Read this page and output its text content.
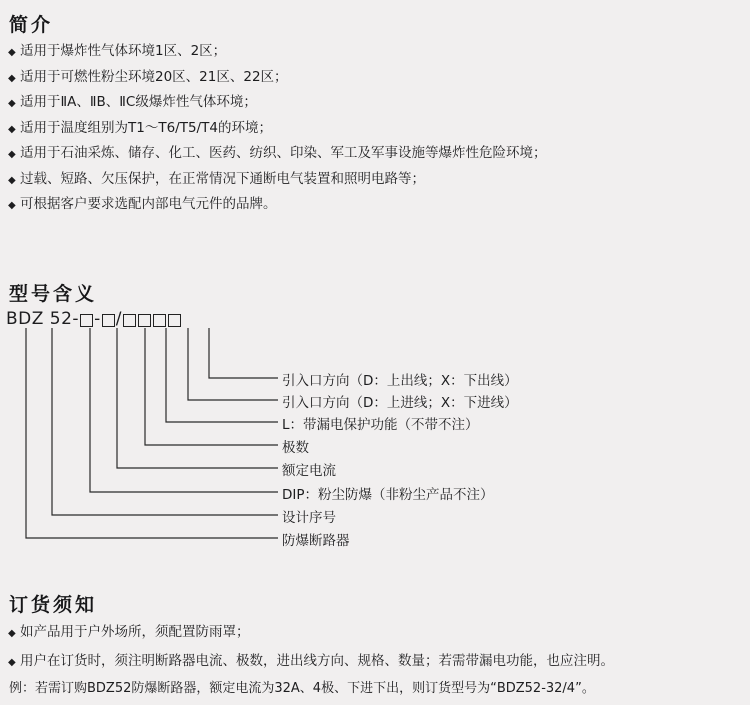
简介
◆ 适用于爆炸性气体环境1区、2区；
◆ 适用于可燃性粉尘环境20区、21区、22区；
◆ 适用于ⅡA、ⅡB、ⅡC级爆炸性气体环境；
◆ 适用于温度组别为T1～T6/T5/T4的环境；
◆ 适用于石油采炼、储存、化工、医药、纺织、印染、军工及军事设施等爆炸性危险环境；
◆ 过载、短路、欠压保护，在正常情况下通断电气装置和照明电路等；
◆ 可根据客户要求选配内部电气元件的品牌。
型号含义
BDZ 52- - /
引入口方向（D：上出线；X：下出线）
引入口方向（D：上进线；X：下进线）
L：带漏电保护功能（不带不注）
极数
额定电流
DIP：粉尘防爆（非粉尘产品不注）
设计序号
防爆断路器
订货须知
◆ 如产品用于户外场所，须配置防雨罩；
◆ 用户在订货时，须注明断路器电流、极数，进出线方向、规格、数量；若需带漏电功能，也应注明。
例：若需订购BDZ52防爆断路器，额定电流为32A、4极、下进下出，则订货型号为“BDZ52-32/4”。
